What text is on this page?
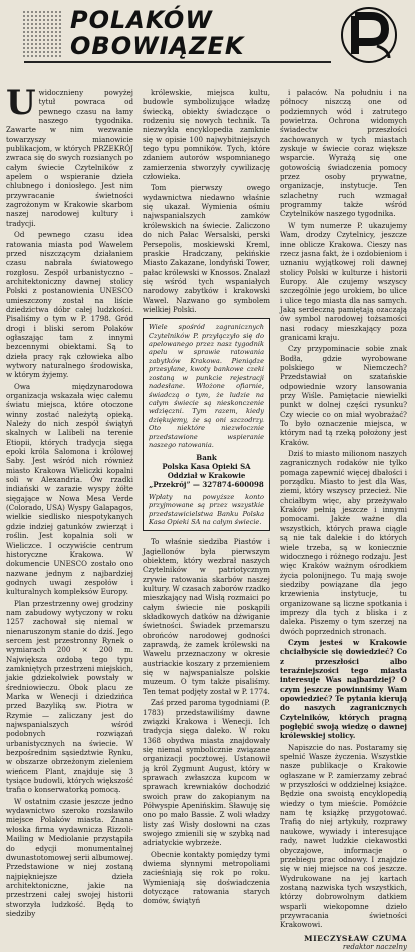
POLAKÓW
OBOWIĄZEK

Uwidocznieny powyżej tytuł powraca od pewnego czasu na łamy naszego tygodnika. Zawarte w nim wezwanie towarzyszy mianowicie publikacjom, w których PRZEKRÓJ zwraca się do swych rozsianych po całym świecie Czytelników z apelem o wspieranie dzieła chlubnego i doniosłego. Jest nim przywracanie świetności zagrożonym w Krakowie skarbom naszej narodowej kultury i tradycji.

Od pewnego czasu idea ratowania miasta pod Wawelem przed niszczącym działaniem czasu nabrała światowego rozgłosu. Zespół urbanistyczno – architektoniczny dawnej stolicy Polski z postanowienia UNESCO umieszczony został na liście dziedzictwa dóbr całej ludzkości. Pisaliśmy o tym w P. 1798. Gród drogi i bliski serom Polaków ogłaszając tam z innymi bezcennymi obiektami. Są to dzieła pracy rąk człowieka albo wytwory naturalnego środowiska, w którym żyjemy.

Owa międzynarodowa organizacja wskazała więc całemu światu miejsca, które otoczone winny zostać należytą opieką. Należy do nich zespół świątyń skalnych w Lalibeli na terenie Etiopii, których tradycja sięga epoki króla Salomona i królowej Saby. Jest wśród nich również miasto Krakowa Wieliczki kopalni soli w Alexandria. Ów rzadki indiański w zarazie wyspy żółte sięgające w Nowa Mesa Verde (Colorado, USA) Wyspy Galapagos, wielkie siedlisko niespotykanych gdzie indziej gatunków zwierząt i roślin. Jest kopalnia soli w Wieliczce. I oczywiście centrum historyczne Krakowa. W dokumencie UNESCO zostało ono nazwane jednym z najbardziej godnych uwagi zespołów i kulturalnych kompleksów Europy.

Plan przestrzenny owej grodziny nam zabudowy wytyczony w roku 1257 zachował się niemal w nienaruszonym stanie do dziś. Jego sercem jest przestronny Rynek o wymiarach 200 × 200 m. Największa ozdobą tego typu zamkniętych przestrzeni miejskich, jakie gdziekolwiek powstały w średniowieczu. Obok placu ze Marka w Wenecji i dziedzińca przed Bazyliką sw. Piotra w Rzymie — zaliczany jest do najwspanialszych wśród podobnych rozwiązań urbanistycznych na świecie. W bezpośrednim sąsiedztwie Rynku, w obszarze obrzeżonym zieleniem wieńcem Plant, znajduje się 3 tysiące budowli, których większość trafia o konserwatorką pomocą.

W ostatnim czasie jeszcze jedno wydawnictwo szeroko rozsławiło miejsce Polaków miasta. Znana włoska firma wydawnicza Rizzoli-Mailing w Mediolanie przystąpiła do edycji monumentalnej dwunastotomowej serii albumowej. Przedstawione w niej zostaną najpiękniejsze dzieła architektoniczne, jakie na przestrzeni całej swojej historii stworzyła ludzkość. Będą to siedziby

królewskie, miejsca kultu, budowle symbolizujące władzę świecką, obiekty świadczące o rodzeniu się nowych technik. Ta niezwykła encyklopedia zamknie się w opisie 100 najwybitniejszych tego typu pomników. Tych, które zdaniem autorów wspomnianego zamierzenia stworzyły cywilizację człowieka.

Tom pierwszy owego wydawnictwa niedawno właśnie się ukazał. Wymienia ośmiu najwspanialszych zamków królewskich na świecie. Zaliczono do nich Pałac Wersalski, perski Persepolis, moskiewski Kreml, praskie Hradczany, pekińskie Miasto Zakazane, londyński Tower, pałac królewski w Knossos. Znalazł się wśród tych wspaniałych narodowy zabytków i krakowski Wawel. Nazwano go symbolem wielkiej Polski.

Wiele spośród zagranicznych Czytelników P. przyłączyło się do apelowanego przez nasz tygodnik apelu w sprawie ratowania zabytków Krakowa. Pieniądze przesyłane, kwoty bankowe czeki zostaną w punkcie rejestracji nadesłane. Włożone ofiarnie, świadczą o tym, że ludzie na całym świecie są nieskonczenie wdzięczni. Tym razem, kiedy dziękujemy, że są oni szczodrzy. Oto niektóre niezwłocznie przedstawione wspieranie naszego ratowania.
Bank
Polska Kasa Opieki SA
Oddział w Krakowie
„Przekrój” — 327874-600098
Wpłaty na powyższe konto przyjmowane są przez wszystkie przedstawicielstwa Banku Polska Kasa Opieki SA na całym świecie.

To właśnie siedziba Piastów i Jagiellonów była pierwszym obiektem, który wezbrał naszych Czytelników w patriotycznym zrywie ratowania skarbów naszej kultury. W czasach zaborów rzadko mieszkający nad Wisłą rozmaici po całym świecie nie poskąpili składkowych datków na dźwiganie świetności. Świadek przemarszu obrońców narodowej godności zaprawdą, że zamek królewski na Wawelu przeznaczony w okresie austriackie koszary z przemieniem się w najwspanialsze polskie muzeum. O tym także pisaliśmy. Ten temat podjęty został w P. 1774.

Zaś przed paroma tygodniami (P. 1783) przedstawiliśmy dawne związki Krakowa i Wenecji. Ich tradycja sięga daleko. W roku 1368 obydwa miasta znajdowały się niemal symbolicznie związane organizacji pocztowej. Ustanowił ją król Zygmunt August, który w sprawach zwłaszcza kupcom w sprawach krewniaków dochodzić swoich praw do zakopianym na Półwyspie Apenińskim. Sławuję się ono po mało Bassie. Z woli władzy listy zaś Wisły dosłowni na czas swojego zmienili się w szybką nad adriatyckie wybrzeże.

Obecnie kontakty pomiędzy tymi dwiema słynnymi metropoliami zacieśniają się rok po roku. Wymieniają się doświadczenia dotyczące ratowania starych domów, świątyń

i pałaców. Na południu i na północy niszczą one od podziemnych wód i zatrutego powietrza. Ochrona widomych świadectw przeszłości zachowanych w tych miastach zyskuje w świecie coraz większe wsparcie. Wyrażą się one gotowością świadczenia pomocy przez osoby prywatne, organizacje, instytucje. Ten szlachetny ruch wzmagał programmy także wśród Czytelników naszego tygodnika.

W tym numerze P. ukazujemy Wam, drodzy Czytelnicy, jeszcze inne oblicze Krakowa. Cieszy nas rzecz jasna fakt, że i ozdobieniom i uznaniu wyjątkowej roli dawnej stolicy Polski w kulturze i historii Europy. Ale czujemy wszyscy szczególnie jego urokiem, bo ulice i ulice tego miasta dla nas samych. Jaką serdeczną pamiętają ozaczają ów symbol narodowej tożsamości nasi rodacy mieszkający poza granicami kraju.

Czy przypominacie sobie znak Bodła, gdzie wyrobowane polskiego w Niemczech? Przedstawiał on szatańskie odpowiednie wzory lansowania przy Wiśle. Pamiętacie niewielki punkt w dolnej części rysunku? Czy wiecie co on miał wyobrażać? To było oznaczenie miejsca, w którym nad tą rzeką położony jest Kraków.

Dziś to miasto milionom naszych zagranicznych rodaków nie tylko pomaga zapewnić więcej dbałości i porządku. Miasto to jest dla Was, ziemi, który wszyscy przecież. Nie chciałbym więc, aby przeżywało Kraków pełnią jeszcze i innymi pomocami. Jakże ważne dla wszystkich, których prawa ciągle są nie tak dalekie i do których wiele trzeba, są w koniecznie widocznego i różnego rodzaju. Jest więc Kraków ważnym ośrodkiem życia polonijnego. Tu mają swoje siedziby powiązane dla jego krzewienia instytucje, tu organizowane są liczne spotkania i imprezy dla tych z bliska i z daleka. Piszemy o tym szerzej na dwóch poprzednich stronach.

Czym jesteś w Krakowie chciałbyście się dowiedzieć? Co z przeszłości albo teraźniejszości tego miasta interesuje Was najbardziej? O czym jeszcze powinniśmy Wam opowiedzieć? Te pytania kierują do naszych zagranicznych Czytelników, których pragną pogłębić swoją wiedzę o dawnej królewskiej stolicy.

Napiszcie do nas. Postaramy się spełnić Wasze życzenia. Wszystkie nasze publikacje o Krakowie ogłaszane w P. zamierzamy zebrać w przyszłości w oddzielnej książce. Będzie ona swoistą encyklopedią wiedzy o tym mieście. Pomóżcie nam tę książkę przygotować. Trafią do niej artykuły, rozprawy naukowe, wywiady i interesujące rady, nawet ludzkie ciekawostki obyczajowe, informacje o przebiegu prac odnowy. I znajdzie się w niej miejsce na coś jeszcze. Wydrukowane na jej kartach zostaną nazwiska tych wszystkich, którzy dobrowolnym datkiem wsparli wiekopomne dzieło przywracania świetności Krakowowi.

MIECZYSŁAW CZUMA
redaktor naczelny
